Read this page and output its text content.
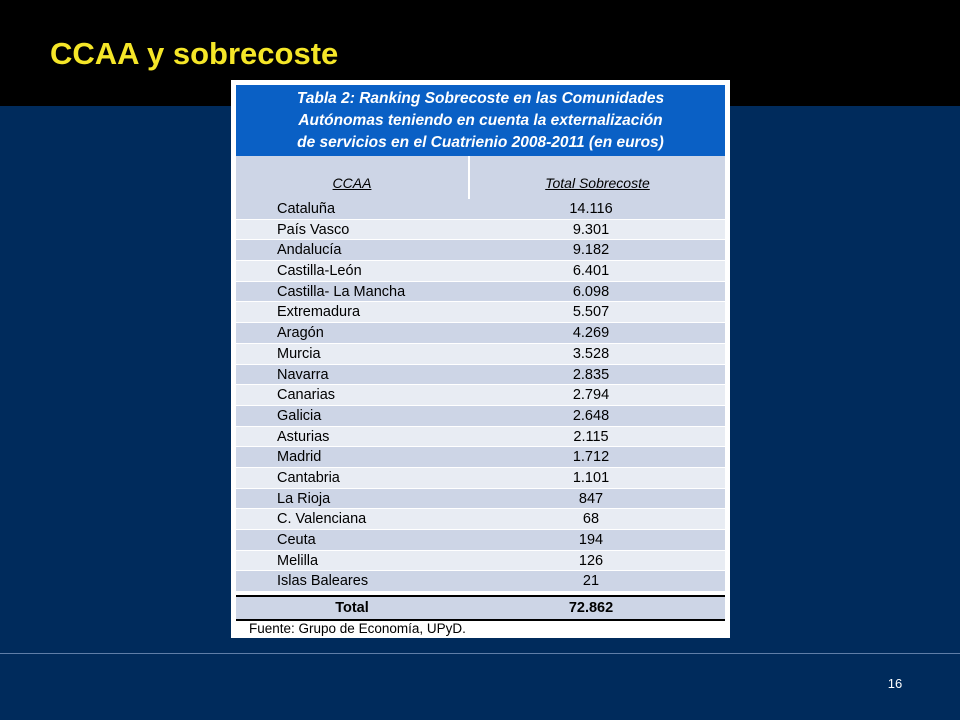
CCAA y sobrecoste
Tabla 2: Ranking Sobrecoste en las Comunidades
Autónomas teniendo en cuenta la externalización
de servicios en el Cuatrienio 2008-2011 (en euros)
CCAA	Total Sobrecoste
Cataluña	14.116
País Vasco	9.301
Andalucía	9.182
Castilla-León	6.401
Castilla- La Mancha	6.098
Extremadura	5.507
Aragón	4.269
Murcia	3.528
Navarra	2.835
Canarias	2.794
Galicia	2.648
Asturias	2.115
Madrid	1.712
Cantabria	1.101
La Rioja	847
C. Valenciana	68
Ceuta	194
Melilla	126
Islas Baleares	21
Total	72.862
Fuente: Grupo de Economía, UPyD.
16
